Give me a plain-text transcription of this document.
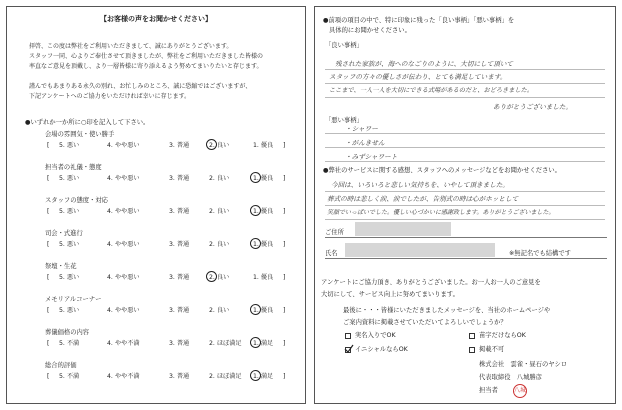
【お客様の声をお聞かせください】
拝啓、この度は弊社をご利用いただきまして、誠にありがとうございます。
スタッフ一同、心よりご奉仕させて頂きましたが、弊社をご利用いただきました皆様の
率直なご意見を頂戴し、より一層皆様に寄り添えるよう努めてまいりたいと存じます。
謹んでもあまりある永久の別れ、お忙しみのところ、誠に恐縮ではございますが、
下記アンケートへのご協力をいただければ幸いに存じます。
●いずれか一か所に○印を記入して下さい。
会場の雰囲気・使い勝手
[ 5. 悪い	4. やや悪い	3. 普通	2. 良い	1. 優良 ]
担当者の礼儀・態度
[ 5. 悪い	4. やや悪い	3. 普通	2. 良い	1. 優良 ]
スタッフの態度・対応
[ 5. 悪い	4. やや悪い	3. 普通	2. 良い	1. 優良 ]
司会・式進行
[ 5. 悪い	4. やや悪い	3. 普通	2. 良い	1. 優良 ]
祭壇・生花
[ 5. 悪い	4. やや悪い	3. 普通	2. 良い	1. 優良 ]
メモリアルコーナー
[ 5. 悪い	4. やや悪い	3. 普通	2. 良い	1. 優良 ]
葬儀価格の内容
[ 5. 不満	4. やや不満	3. 普通	2. ほぼ満足 1. 満足 ]
総合的評価
[ 5. 不満	4. やや不満	3. 普通	2. ほぼ満足 1. 満足 ]
●前項の項目の中で、特に印象に残った「良い事柄」「悪い事柄」を
具体的にお聞かせください。
「良い事柄」
残された家族が、海へのなごりのように、大切にして頂いて
スタッフの方々の優しさが伝わり、とても満足しています。
ここまで、一人一人を大切にできる式場があるのだと、おどろきました。
ありがとうございました。
「悪い事柄」
・シャワー
・がんきせん
・みずシャワート
●弊社のサービスに関する感想、スタッフへのメッセージなどをお聞かせください。
今回は、いろいろと悲しい気持ちを、いやして頂きました。
葬式の時は悲しく涙、涙でしたが、告別式の時は心がホッとして
笑顔でいっぱいでした。優しい心づかいに感謝致します。ありがとうございました。
ご住所
氏名	※無記名でも結構です
アンケートにご協力頂き、ありがとうございました。お一人お一人のご意見を
大切にして、サービス向上に努めてまいります。
最後に・・・皆様にいただきましたメッセージを、当社のホームページや
ご案内資料に掲載させていただいてよろしいでしょうか？
実名入りでOK	苗字だけならOK
イニシャルならOK	掲載不可
株式会社　雲雀・昼石のヤシロ
代表取締役　八城勝彦
担当者	八城
